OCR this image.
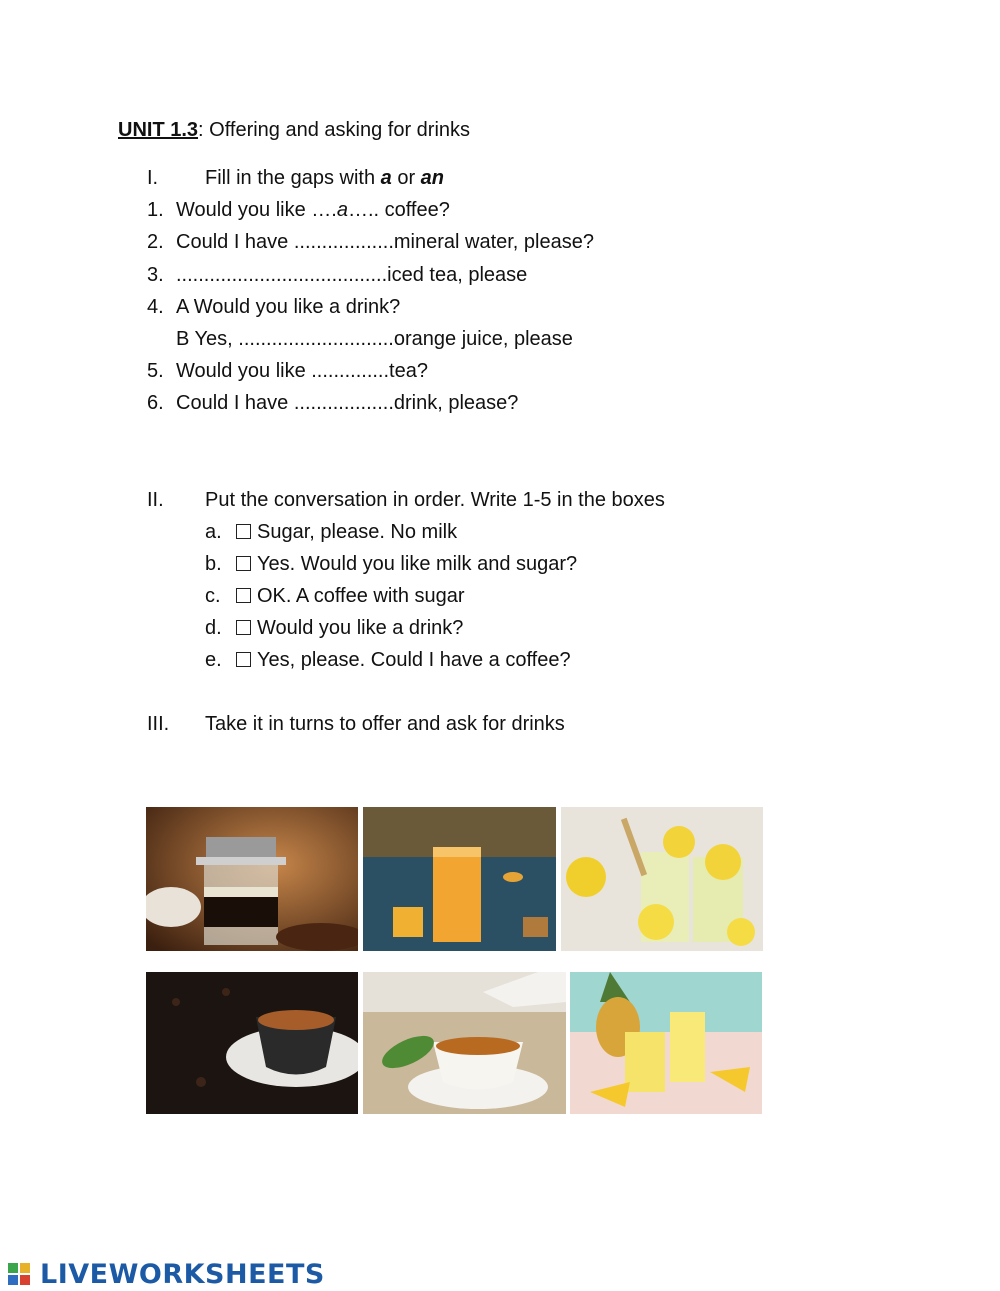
UNIT 1.3: Offering and asking for drinks
I. Fill in the gaps with a or an
1. Would you like ….a….. coffee?
2. Could I have ..................mineral water, please?
3. ......................................iced tea, please
4. A Would you like a drink?
B Yes, ............................orange juice, please
5. Would you like ..............tea?
6. Could I have ..................drink, please?
II. Put the conversation in order. Write 1-5 in the boxes
a.	Sugar, please. No milk
b.	Yes. Would you like milk and sugar?
c.	OK. A coffee with sugar
d.	Would you like a drink?
e.	Yes, please. Could I have a coffee?
III. Take it in turns to offer and ask for drinks
LIVEWORKSHEETS
